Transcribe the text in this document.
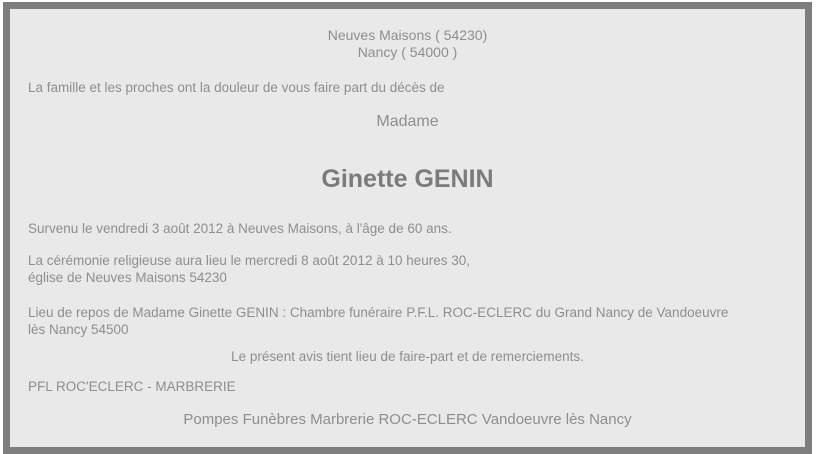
Neuves Maisons ( 54230)
Nancy ( 54000 )

La famille et les proches ont la douleur de vous faire part du décès de

Madame

Ginette GENIN

Survenu le vendredi 3 août 2012 à Neuves Maisons, à l'âge de 60 ans.

La cérémonie religieuse aura lieu le mercredi 8 août 2012 à 10 heures 30,
église de Neuves Maisons 54230
Lieu de repos de Madame Ginette GENIN : Chambre funéraire P.F.L. ROC-ECLERC du Grand Nancy de Vandoeuvre
lès Nancy 54500

Le présent avis tient lieu de faire-part et de remerciements.

PFL ROC'ECLERC - MARBRERIE

Pompes Funèbres Marbrerie ROC-ECLERC Vandoeuvre lès Nancy
